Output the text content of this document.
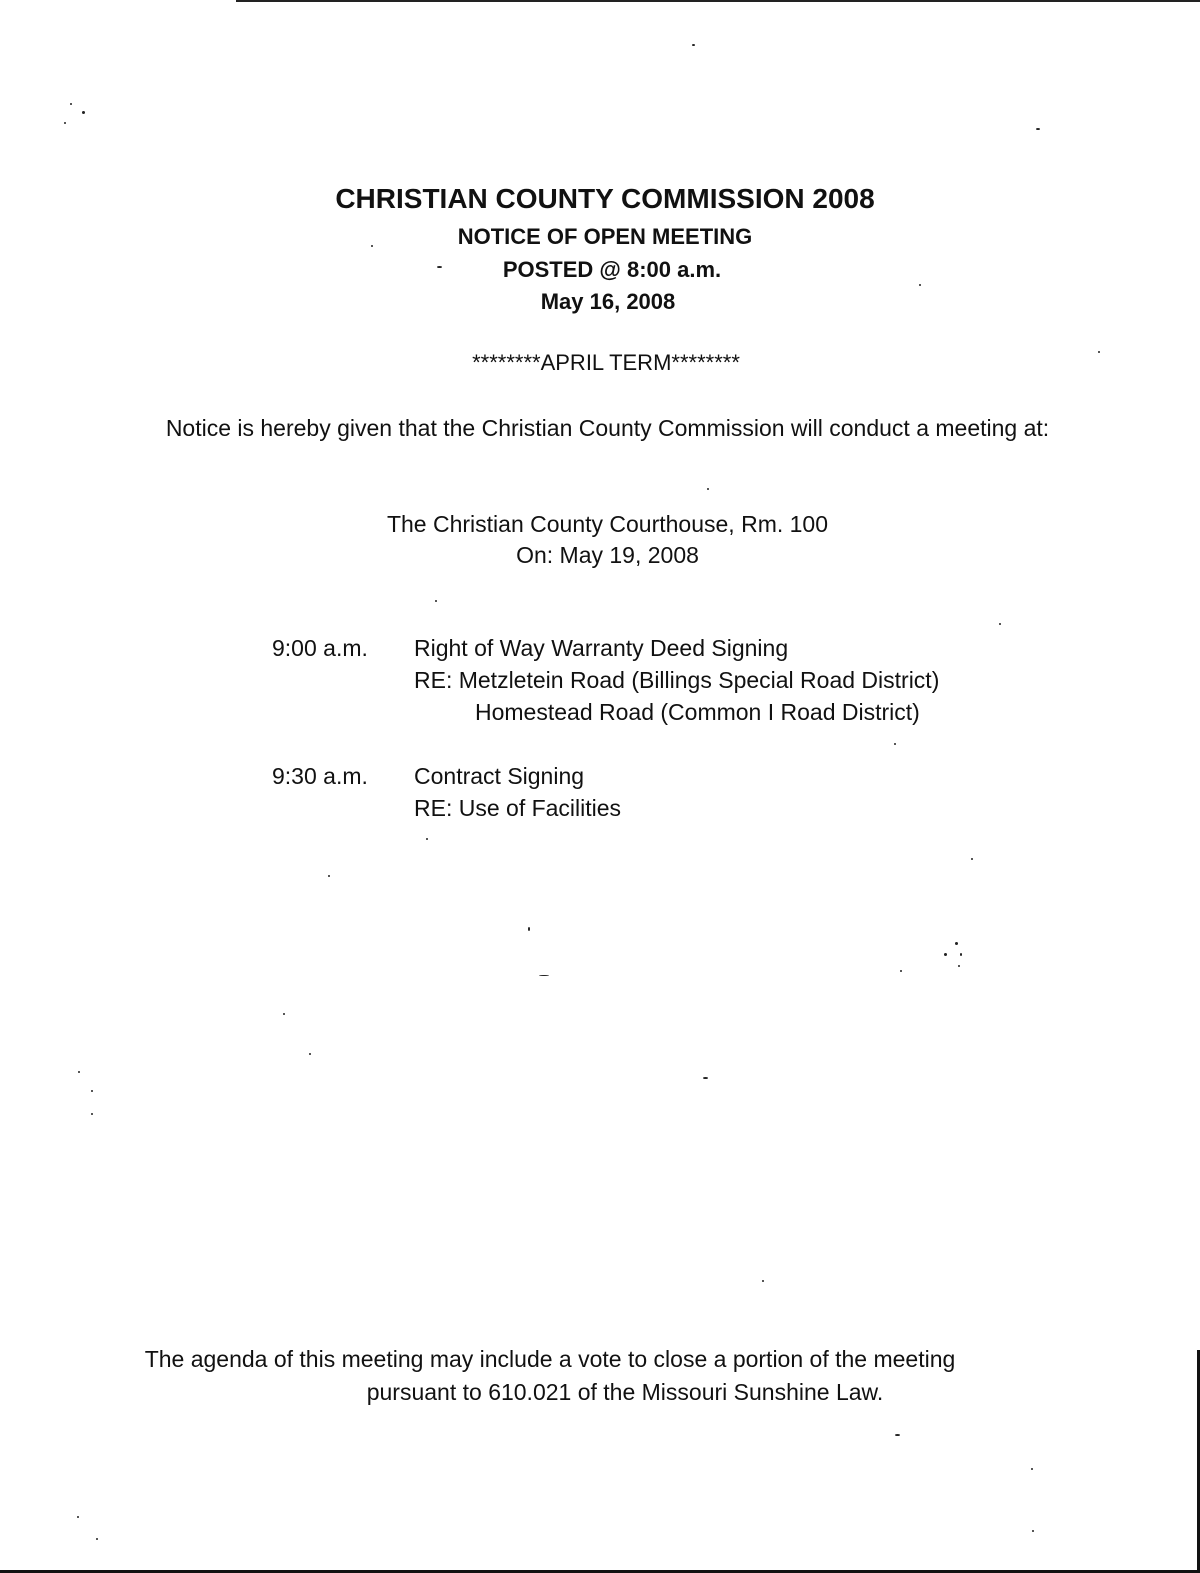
CHRISTIAN COUNTY COMMISSION 2008
NOTICE OF OPEN MEETING
POSTED @ 8:00 a.m.
May 16, 2008
********APRIL TERM********
Notice is hereby given that the Christian County Commission will conduct a meeting at:
The Christian County Courthouse, Rm. 100
On: May 19, 2008
9:00 a.m. Right of Way Warranty Deed Signing
RE: Metzletein Road (Billings Special Road District)
Homestead Road (Common I Road District)
9:30 a.m. Contract Signing
RE: Use of Facilities
The agenda of this meeting may include a vote to close a portion of the meeting
pursuant to 610.021 of the Missouri Sunshine Law.
